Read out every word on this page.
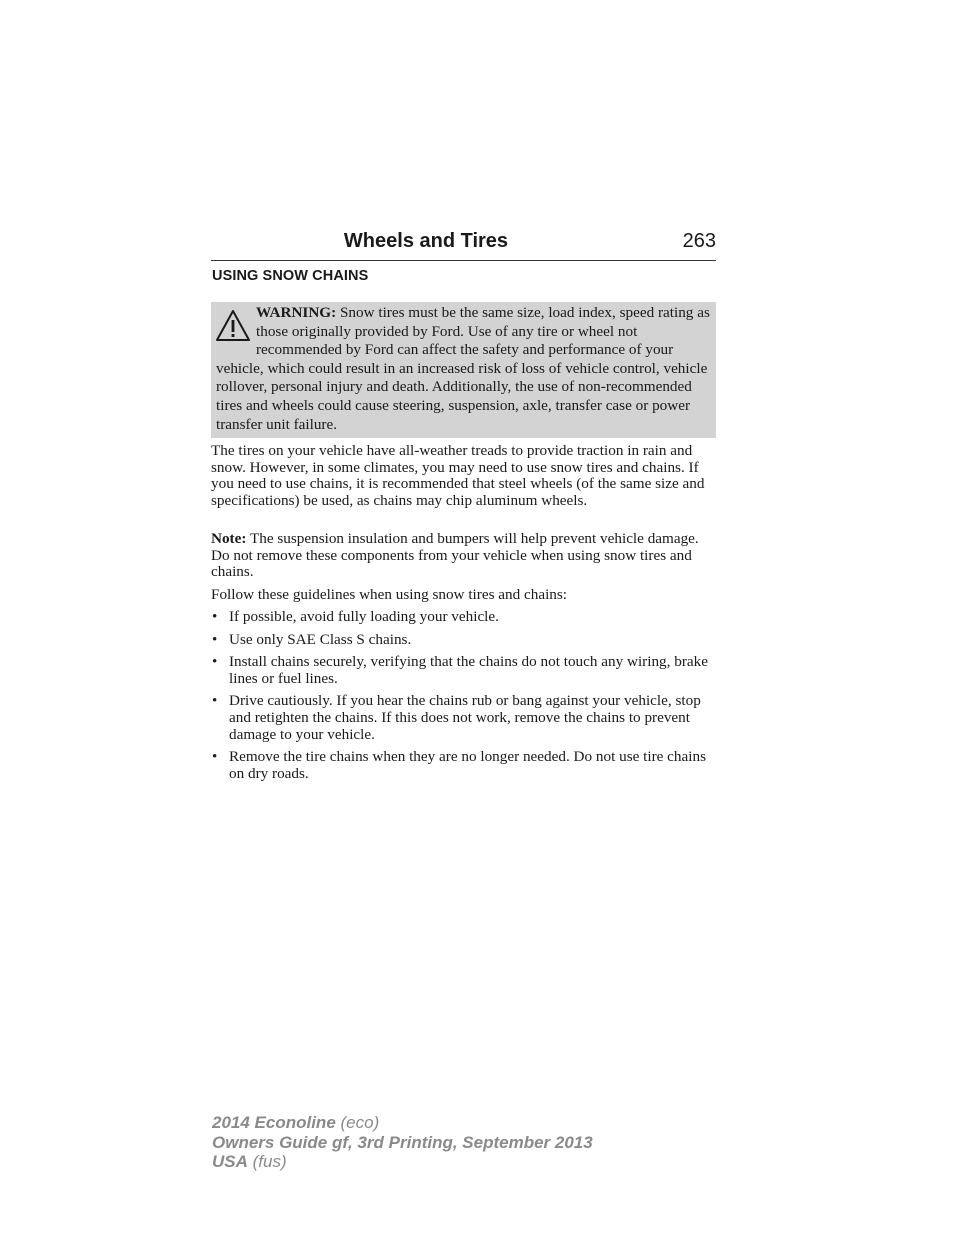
Wheels and Tires	263
USING SNOW CHAINS
WARNING: Snow tires must be the same size, load index, speed rating as those originally provided by Ford. Use of any tire or wheel not recommended by Ford can affect the safety and performance of your vehicle, which could result in an increased risk of loss of vehicle control, vehicle rollover, personal injury and death. Additionally, the use of non-recommended tires and wheels could cause steering, suspension, axle, transfer case or power transfer unit failure.

The tires on your vehicle have all-weather treads to provide traction in rain and snow. However, in some climates, you may need to use snow tires and chains. If you need to use chains, it is recommended that steel wheels (of the same size and specifications) be used, as chains may chip aluminum wheels.

Note: The suspension insulation and bumpers will help prevent vehicle damage. Do not remove these components from your vehicle when using snow tires and chains.

Follow these guidelines when using snow tires and chains:

• If possible, avoid fully loading your vehicle.
• Use only SAE Class S chains.
• Install chains securely, verifying that the chains do not touch any wiring, brake lines or fuel lines.
• Drive cautiously. If you hear the chains rub or bang against your vehicle, stop and retighten the chains. If this does not work, remove the chains to prevent damage to your vehicle.
• Remove the tire chains when they are no longer needed. Do not use tire chains on dry roads.
2014 Econoline (eco)
Owners Guide gf, 3rd Printing, September 2013
USA (fus)
